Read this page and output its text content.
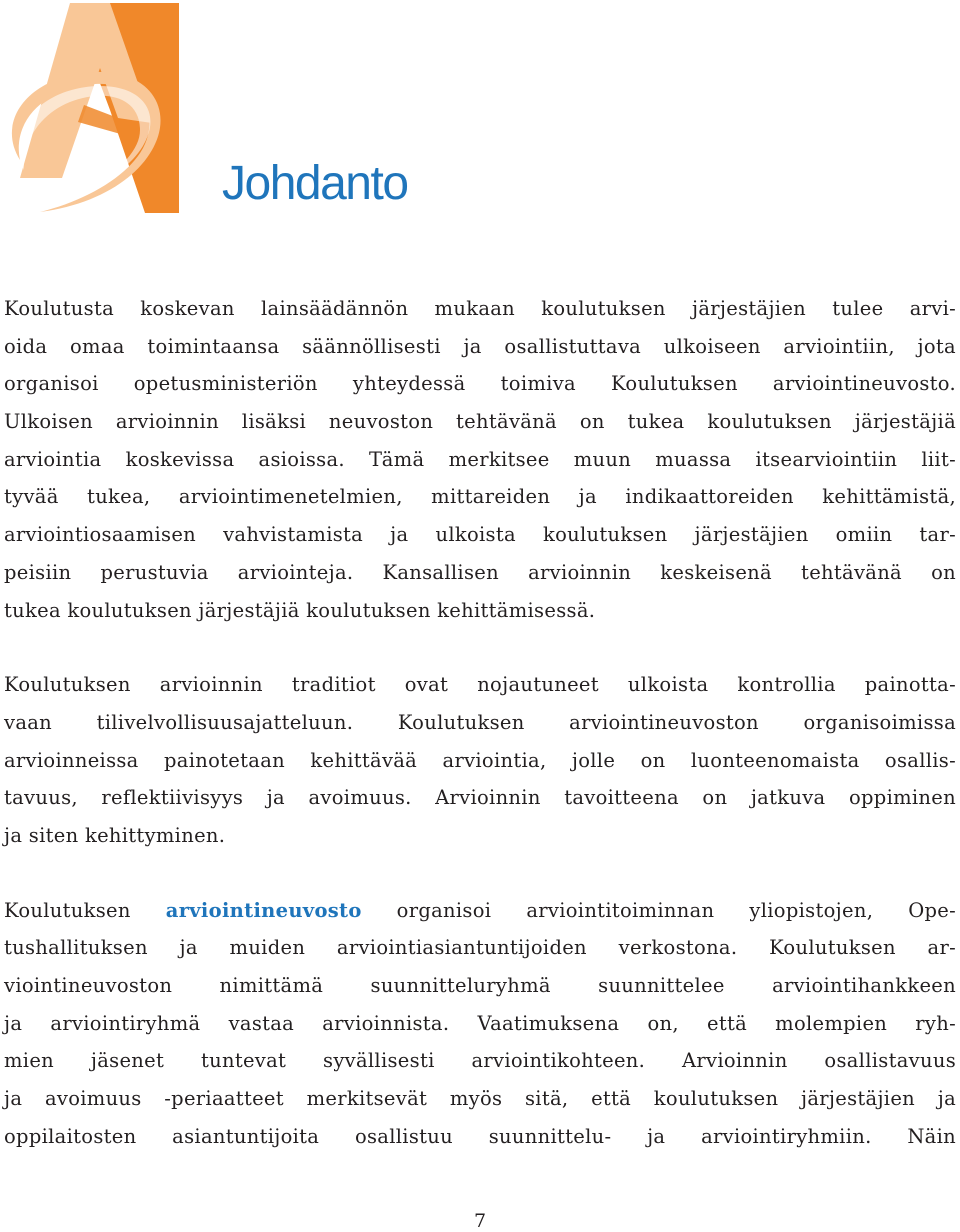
Johdanto

Koulutusta koskevan lainsäädännön mukaan koulutuksen järjestäjien tulee arvi-
oida omaa toimintaansa säännöllisesti ja osallistuttava ulkoiseen arviointiin, jota
organisoi opetusministeriön yhteydessä toimiva Koulutuksen arviointineuvosto.
Ulkoisen arvioinnin lisäksi neuvoston tehtävänä on tukea koulutuksen järjestäjiä
arviointia koskevissa asioissa. Tämä merkitsee muun muassa itsearviointiin liit-
tyvää tukea, arviointimenetelmien, mittareiden ja indikaattoreiden kehittämistä,
arviointiosaamisen vahvistamista ja ulkoista koulutuksen järjestäjien omiin tar-
peisiin perustuvia arviointeja. Kansallisen arvioinnin keskeisenä tehtävänä on
tukea koulutuksen järjestäjiä koulutuksen kehittämisessä.

Koulutuksen arvioinnin traditiot ovat nojautuneet ulkoista kontrollia painotta-
vaan tilivelvollisuusajatteluun. Koulutuksen arviointineuvoston organisoimissa
arvioinneissa painotetaan kehittävää arviointia, jolle on luonteenomaista osallis-
tavuus, reflektiivisyys ja avoimuus. Arvioinnin tavoitteena on jatkuva oppiminen
ja siten kehittyminen.

Koulutuksen arviointineuvosto organisoi arviointitoiminnan yliopistojen, Ope-
tushallituksen ja muiden arviointiasiantuntijoiden verkostona. Koulutuksen ar-
viointineuvoston nimittämä suunnitteluryhmä suunnittelee arviointihankkeen
ja arviointiryhmä vastaa arvioinnista. Vaatimuksena on, että molempien ryh-
mien jäsenet tuntevat syvällisesti arviointikohteen. Arvioinnin osallistavuus
ja avoimuus -periaatteet merkitsevät myös sitä, että koulutuksen järjestäjien ja
oppilaitosten asiantuntijoita osallistuu suunnittelu- ja arviointiryhmiin. Näin

7
